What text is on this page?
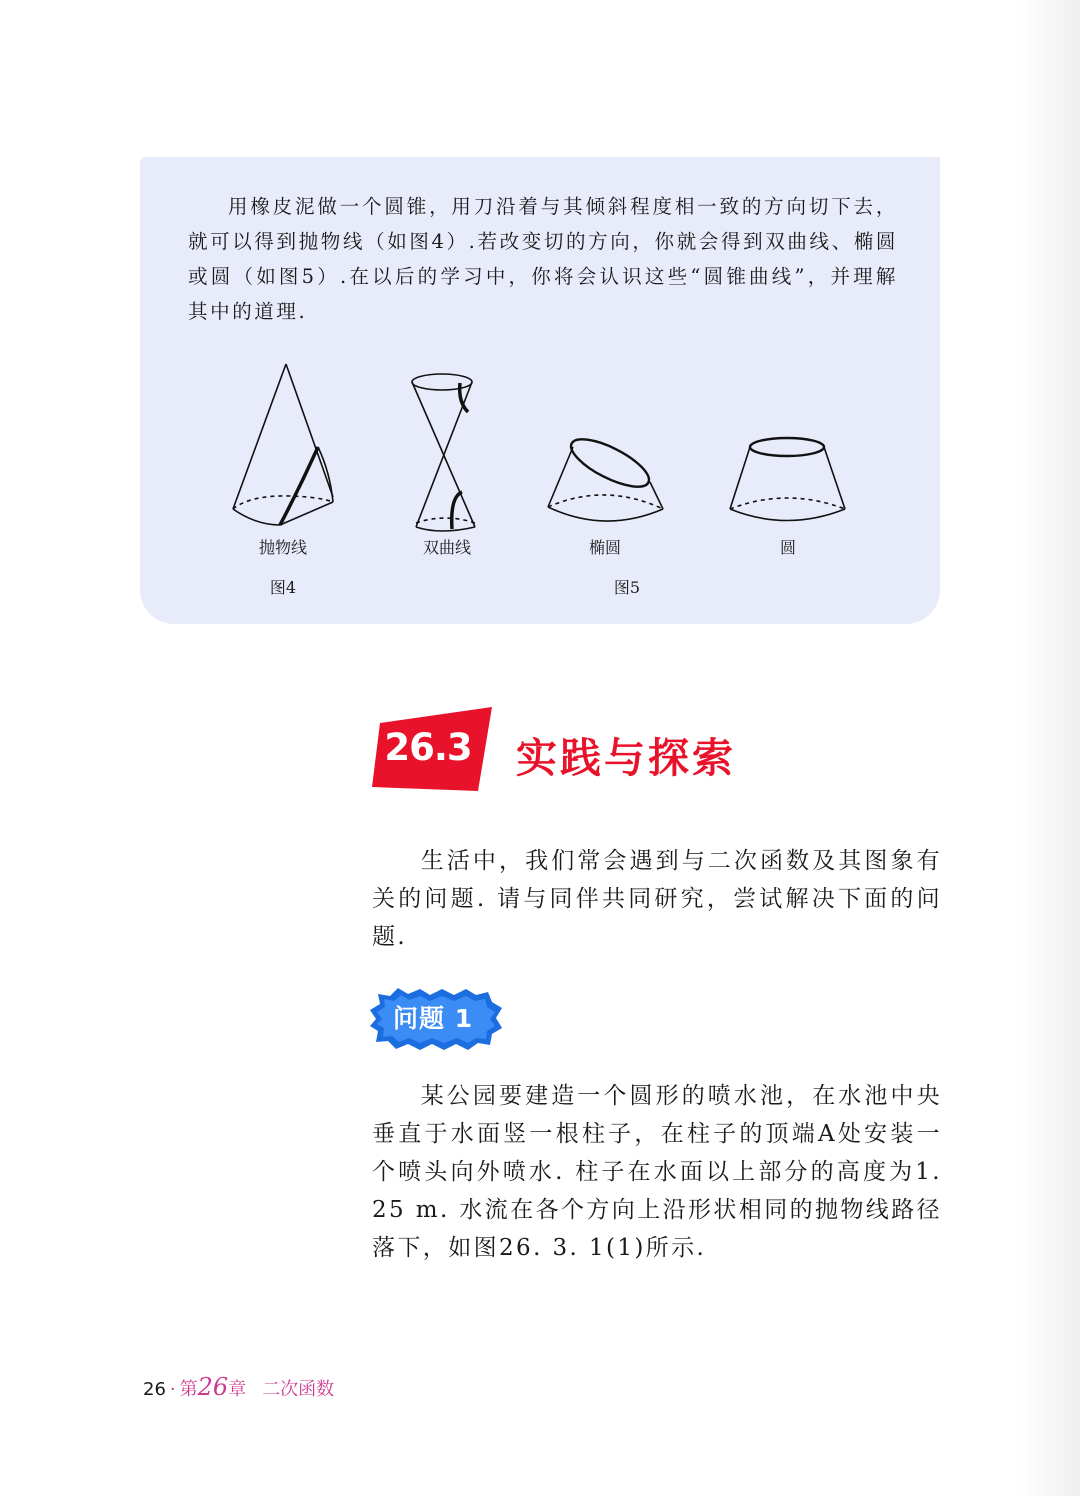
用橡皮泥做一个圆锥，用刀沿着与其倾斜程度相一致的方向切下去，就可以得到抛物线（如图4）.若改变切的方向，你就会得到双曲线、椭圆或圆（如图5）.在以后的学习中，你将会认识这些“圆锥曲线”，并理解其中的道理.
抛物线	双曲线	椭圆	圆
图4	图5
26.3 实践与探索
生活中，我们常会遇到与二次函数及其图象有关的问题. 请与同伴共同研究，尝试解决下面的问题.
问题 1
某公园要建造一个圆形的喷水池，在水池中央垂直于水面竖一根柱子，在柱子的顶端A处安装一个喷头向外喷水. 柱子在水面以上部分的高度为1. 25 m. 水流在各个方向上沿形状相同的抛物线路径落下，如图26. 3. 1(1)所示.
26 · 第26章 二次函数
